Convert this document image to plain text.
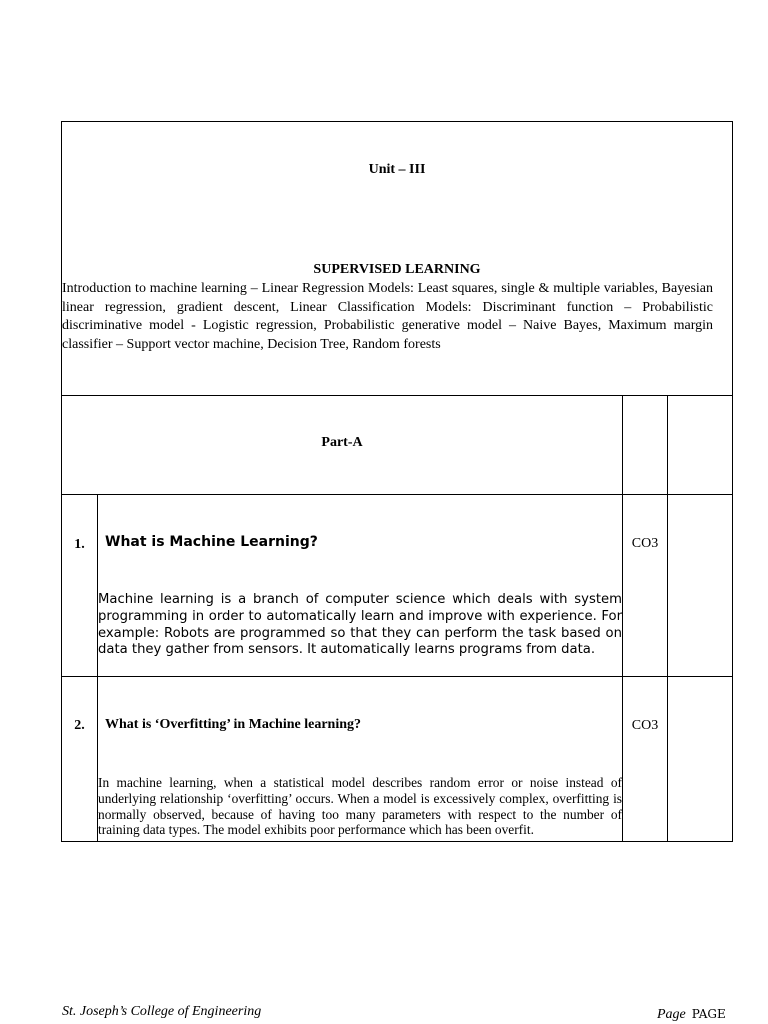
Unit – III
SUPERVISED LEARNING
Introduction to machine learning – Linear Regression Models: Least squares, single & multiple variables, Bayesian linear regression, gradient descent, Linear Classification Models: Discriminant function – Probabilistic discriminative model - Logistic regression, Probabilistic generative model – Naive Bayes, Maximum margin classifier – Support vector machine, Decision Tree, Random forests			

Part-A			

1.	What is Machine Learning?
Machine learning is a branch of computer science which deals with system programming in order to automatically learn and improve with experience. For example: Robots are programmed so that they can perform the task based on data they gather from sensors. It automatically learns programs from data.	CO3	

2.	What is ‘Overfitting’ in Machine learning?
In machine learning, when a statistical model describes random error or noise instead of underlying relationship ‘overfitting’ occurs. When a model is excessively complex, overfitting is normally observed, because of having too many parameters with respect to the number of training data types. The model exhibits poor performance which has been overfit.	CO3	

St. Joseph’s College of Engineering	Page PAGE
